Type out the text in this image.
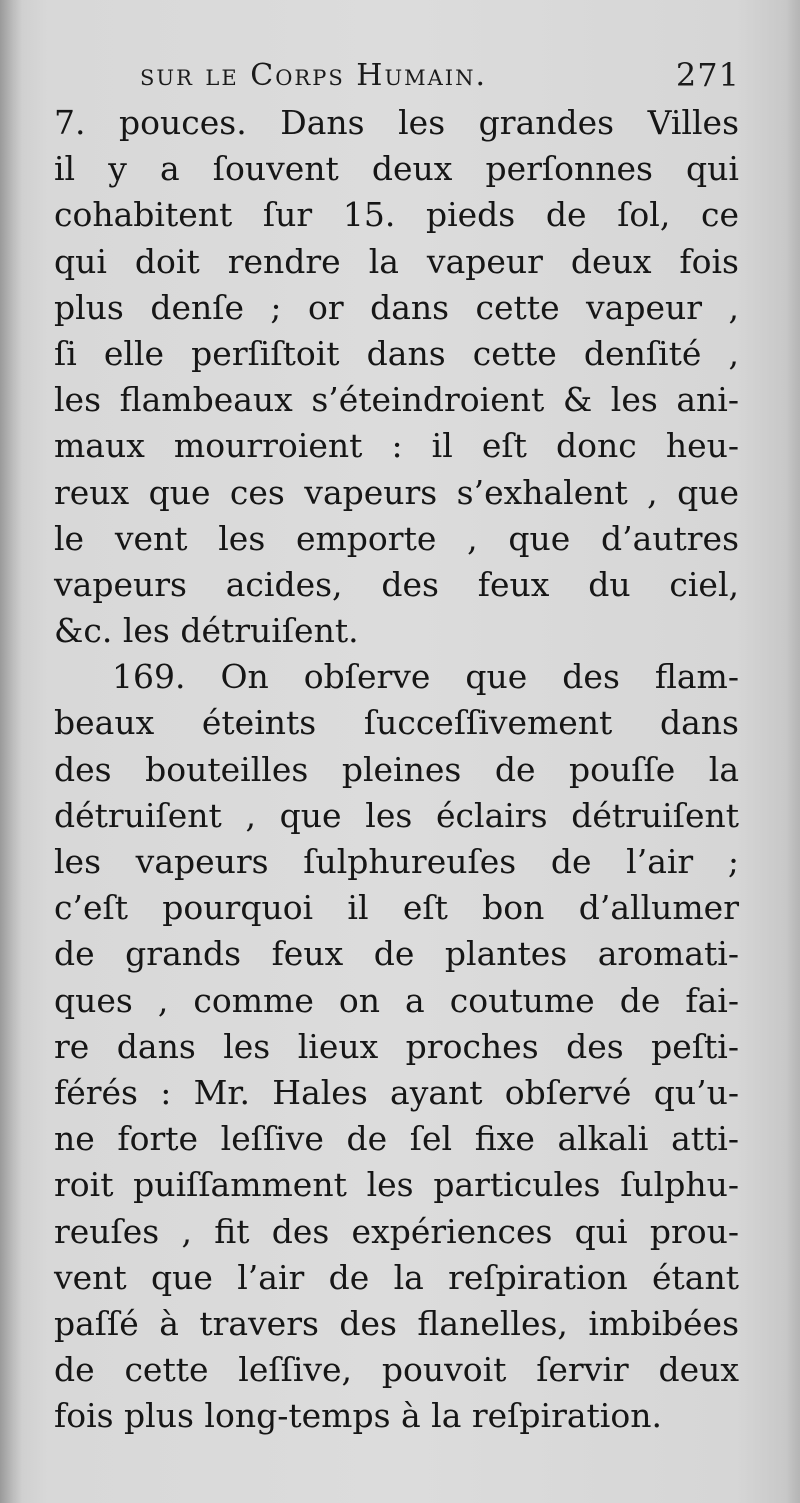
sur le Corps Humain.	271
7. pouces. Dans les grandes Villes
il y a ſouvent deux perſonnes qui
cohabitent ſur 15. pieds de ſol, ce
qui doit rendre la vapeur deux fois
plus denſe ; or dans cette vapeur ,
ſi elle perſiſtoit dans cette denſité ,
les flambeaux s’éteindroient & les ani-
maux mourroient : il eſt donc heu-
reux que ces vapeurs s’exhalent , que
le vent les emporte , que d’autres
vapeurs acides, des feux du ciel,
&c. les détruiſent.
169. On obſerve que des flam-
beaux éteints ſucceſſivement dans
des bouteilles pleines de pouſſe la
détruiſent , que les éclairs détruiſent
les vapeurs ſulphureuſes de l’air ;
c’eſt pourquoi il eſt bon d’allumer
de grands feux de plantes aromati-
ques , comme on a coutume de fai-
re dans les lieux proches des peſti-
férés : Mr. Hales ayant obſervé qu’u-
ne forte leſſive de ſel fixe alkali atti-
roit puiſſamment les particules ſulphu-
reuſes , fit des expériences qui prou-
vent que l’air de la reſpiration étant
paſſé à travers des flanelles, imbibées
de cette leſſive, pouvoit ſervir deux
fois plus long-temps à la reſpiration.
